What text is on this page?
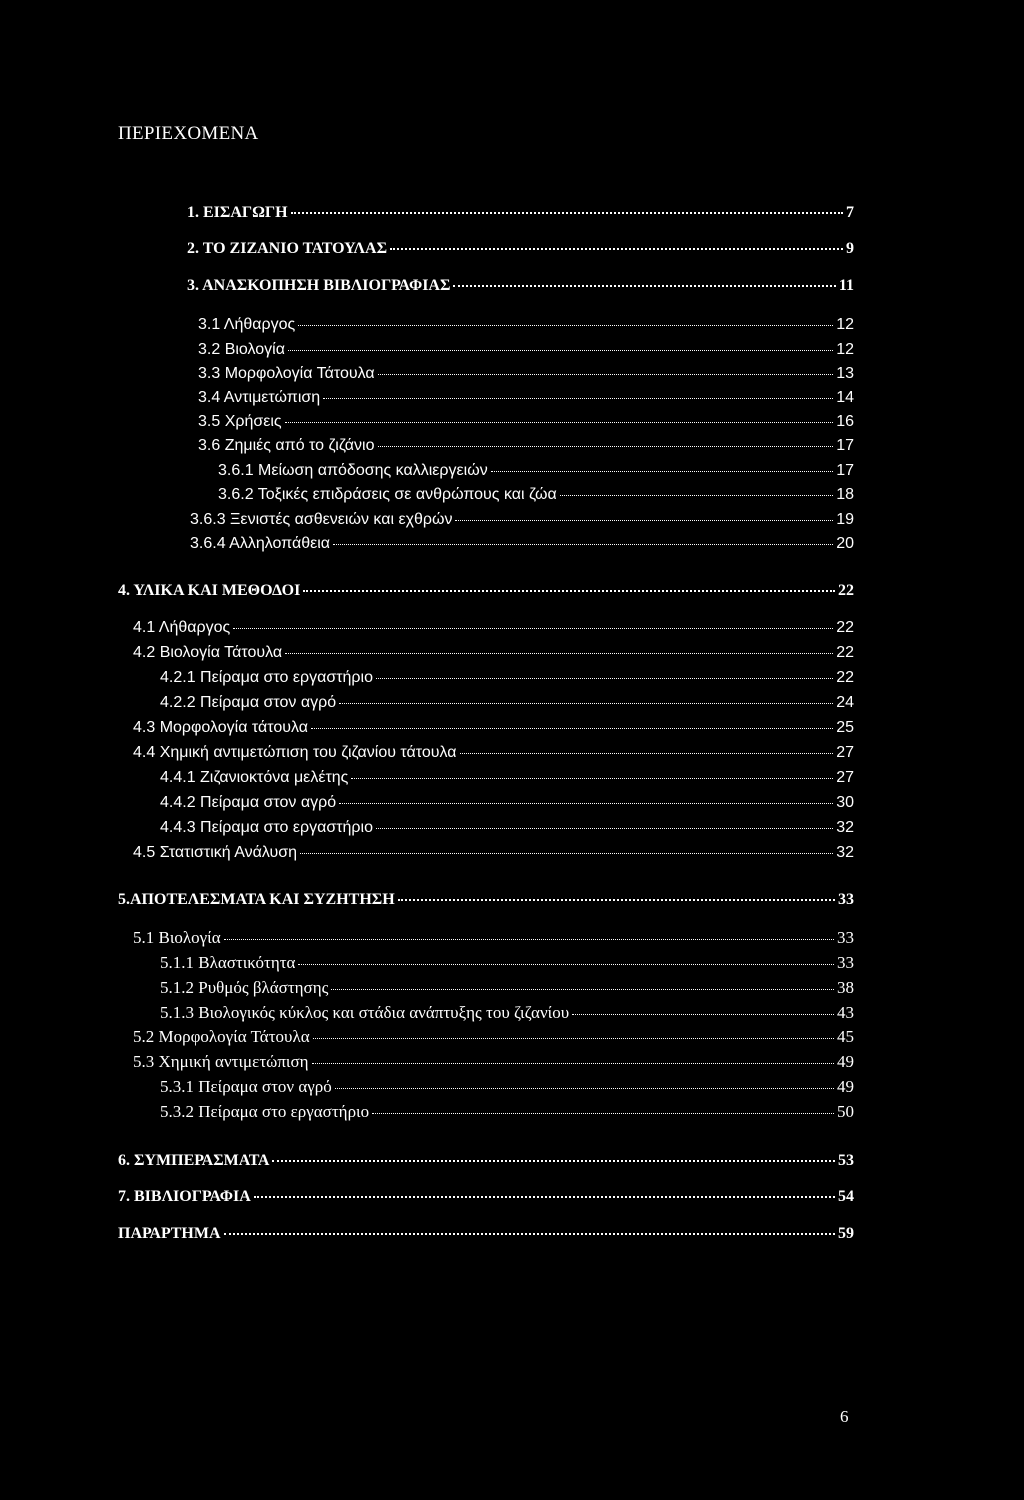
ΠΕΡΙΕΧΟΜΕΝΑ
1. ΕΙΣΑΓΩΓΗ	7
2. ΤΟ ΖΙΖΑΝΙΟ ΤΑΤΟΥΛΑΣ	9
3. ΑΝΑΣΚΟΠΗΣΗ ΒΙΒΛΙΟΓΡΑΦΙΑΣ	11
3.1 Λήθαργος	12
3.2 Βιολογία	12
3.3 Μορφολογία Τάτουλα	13
3.4 Αντιμετώπιση	14
3.5 Χρήσεις	16
3.6 Ζημιές από το ζιζάνιο	17
3.6.1 Μείωση απόδοσης καλλιεργειών	17
3.6.2 Τοξικές επιδράσεις σε ανθρώπους και ζώα	18
3.6.3 Ξενιστές ασθενειών και εχθρών	19
3.6.4 Αλληλοπάθεια	20
4. ΥΛΙΚΑ ΚΑΙ ΜΕΘΟΔΟΙ	22
4.1 Λήθαργος	22
4.2 Βιολογία Τάτουλα	22
4.2.1 Πείραμα στο εργαστήριο	22
4.2.2 Πείραμα στον αγρό	24
4.3 Μορφολογία τάτουλα	25
4.4 Χημική αντιμετώπιση του ζιζανίου τάτουλα	27
4.4.1 Ζιζανιοκτόνα μελέτης	27
4.4.2 Πείραμα στον αγρό	30
4.4.3 Πείραμα στο εργαστήριο	32
4.5 Στατιστική Ανάλυση	32
5.ΑΠΟΤΕΛΕΣΜΑΤΑ ΚΑΙ ΣΥΖΗΤΗΣΗ	33
5.1 Βιολογία	33
5.1.1 Βλαστικότητα	33
5.1.2 Ρυθμός βλάστησης	38
5.1.3 Βιολογικός κύκλος και στάδια ανάπτυξης του ζιζανίου	43
5.2 Μορφολογία Τάτουλα	45
5.3 Χημική αντιμετώπιση	49
5.3.1 Πείραμα στον αγρό	49
5.3.2 Πείραμα στο εργαστήριο	50
6. ΣΥΜΠΕΡΑΣΜΑΤΑ	53
7. ΒΙΒΛΙΟΓΡΑΦΙΑ	54
ΠΑΡΑΡΤΗΜΑ	59
6
